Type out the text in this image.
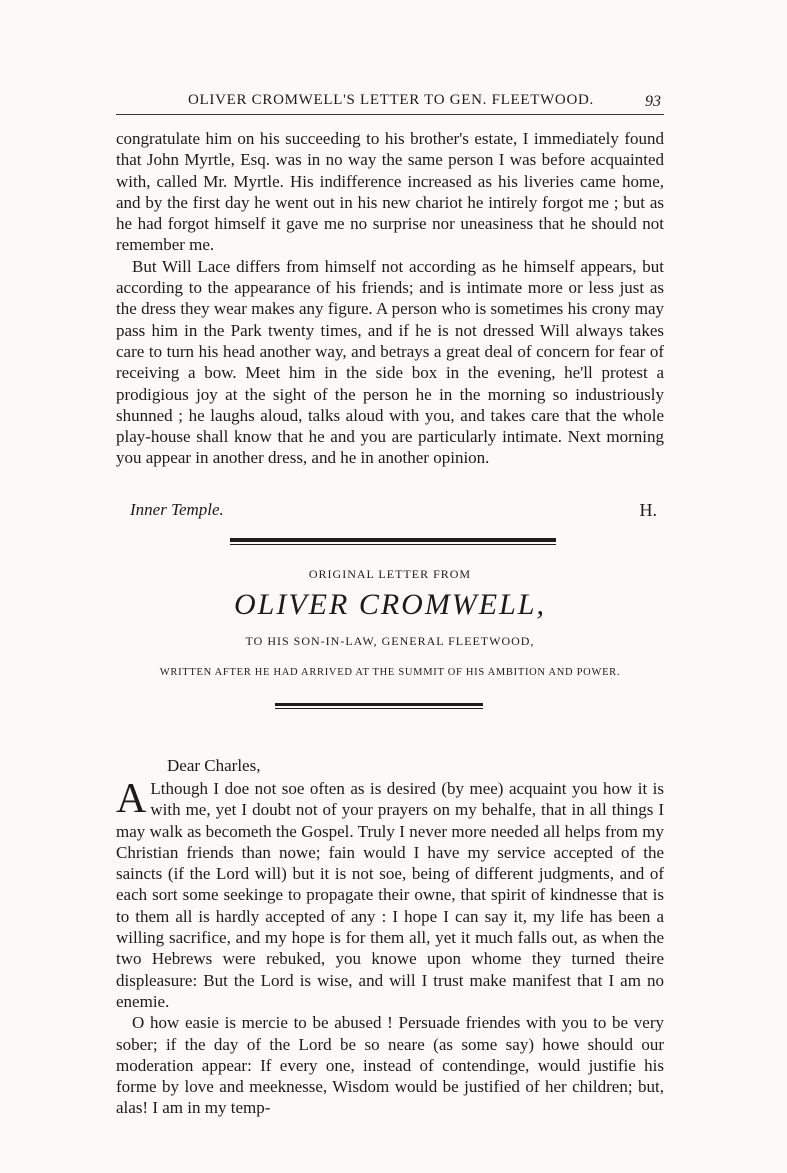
OLIVER CROMWELL'S LETTER TO GEN. FLEETWOOD.	93

congratulate him on his succeeding to his brother's estate, I immediately found that John Myrtle, Esq. was in no way the same person I was before acquainted with, called Mr. Myrtle. His indifference increased as his liveries came home, and by the first day he went out in his new chariot he intirely forgot me ; but as he had forgot himself it gave me no surprise nor uneasiness that he should not remember me.

But Will Lace differs from himself not according as he himself appears, but according to the appearance of his friends; and is intimate more or less just as the dress they wear makes any figure. A person who is sometimes his crony may pass him in the Park twenty times, and if he is not dressed Will always takes care to turn his head another way, and betrays a great deal of concern for fear of receiving a bow. Meet him in the side box in the evening, he'll protest a prodigious joy at the sight of the person he in the morning so industriously shunned ; he laughs aloud, talks aloud with you, and takes care that the whole play-house shall know that he and you are particularly intimate. Next morning you appear in another dress, and he in another opinion.

Inner Temple.	H.
ORIGINAL LETTER FROM
OLIVER CROMWELL,
TO HIS SON-IN-LAW, GENERAL FLEETWOOD,
WRITTEN AFTER HE HAD ARRIVED AT THE SUMMIT OF HIS AMBITION AND POWER.
Dear Charles,
A Lthough I doe not soe often as is desired (by mee) acquaint you how it is with me, yet I doubt not of your prayers on my behalfe, that in all things I may walk as becometh the Gospel. Truly I never more needed all helps from my Christian friends than nowe; fain would I have my service accepted of the saincts (if the Lord will) but it is not soe, being of different judgments, and of each sort some seekinge to propagate their owne, that spirit of kindnesse that is to them all is hardly accepted of any : I hope I can say it, my life has been a willing sacrifice, and my hope is for them all, yet it much falls out, as when the two Hebrews were rebuked, you knowe upon whome they turned theire displeasure: But the Lord is wise, and will I trust make manifest that I am no enemie.

O how easie is mercie to be abused ! Persuade friendes with you to be very sober; if the day of the Lord be so neare (as some say) howe should our moderation appear: If every one, instead of contendinge, would justifie his forme by love and meeknesse, Wisdom would be justified of her children; but, alas! I am in my temp-
